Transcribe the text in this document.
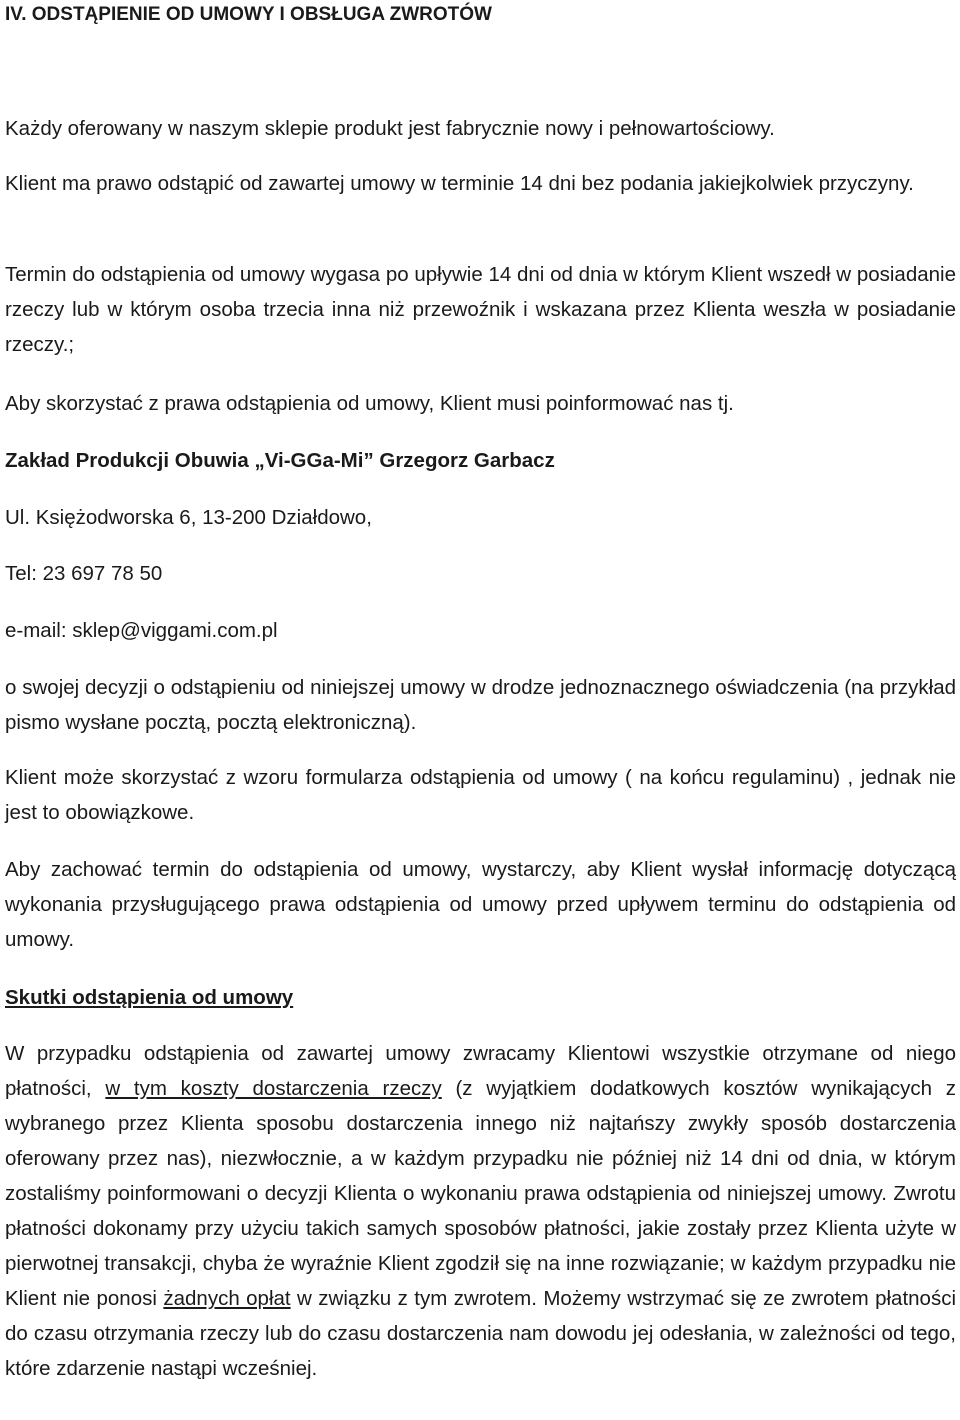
IV. ODSTĄPIENIE OD UMOWY I OBSŁUGA ZWROTÓW

Każdy oferowany w naszym sklepie produkt jest fabrycznie nowy i pełnowartościowy.

Klient ma prawo odstąpić od zawartej umowy w terminie 14 dni bez podania jakiejkolwiek przyczyny.

Termin do odstąpienia od umowy wygasa po upływie 14 dni od dnia w którym Klient wszedł w posiadanie rzeczy lub w którym osoba trzecia inna niż przewoźnik i wskazana przez Klienta weszła w posiadanie rzeczy.;

Aby skorzystać z prawa odstąpienia od umowy, Klient musi poinformować nas tj.

Zakład Produkcji Obuwia „Vi-GGa-Mi” Grzegorz Garbacz

Ul. Księżodworska 6, 13-200 Działdowo,

Tel: 23 697 78 50

e-mail: sklep@viggami.com.pl

o swojej decyzji o odstąpieniu od niniejszej umowy w drodze jednoznacznego oświadczenia (na przykład pismo wysłane pocztą, pocztą elektroniczną).

Klient może skorzystać z wzoru formularza odstąpienia od umowy ( na końcu regulaminu) , jednak nie jest to obowiązkowe.

Aby zachować termin do odstąpienia od umowy, wystarczy, aby Klient wysłał informację dotyczącą wykonania przysługującego prawa odstąpienia od umowy przed upływem terminu do odstąpienia od umowy.

Skutki odstąpienia od umowy

W przypadku odstąpienia od zawartej umowy zwracamy Klientowi wszystkie otrzymane od niego płatności, w tym koszty dostarczenia rzeczy (z wyjątkiem dodatkowych kosztów wynikających z wybranego przez Klienta sposobu dostarczenia innego niż najtańszy zwykły sposób dostarczenia oferowany przez nas), niezwłocznie, a w każdym przypadku nie później niż 14 dni od dnia, w którym zostaliśmy poinformowani o decyzji Klienta o wykonaniu prawa odstąpienia od niniejszej umowy. Zwrotu płatności dokonamy przy użyciu takich samych sposobów płatności, jakie zostały przez Klienta użyte w pierwotnej transakcji, chyba że wyraźnie Klient zgodził się na inne rozwiązanie; w każdym przypadku nie Klient nie ponosi żadnych opłat w związku z tym zwrotem. Możemy wstrzymać się ze zwrotem płatności do czasu otrzymania rzeczy lub do czasu dostarczenia nam dowodu jej odesłania, w zależności od tego, które zdarzenie nastąpi wcześniej.
